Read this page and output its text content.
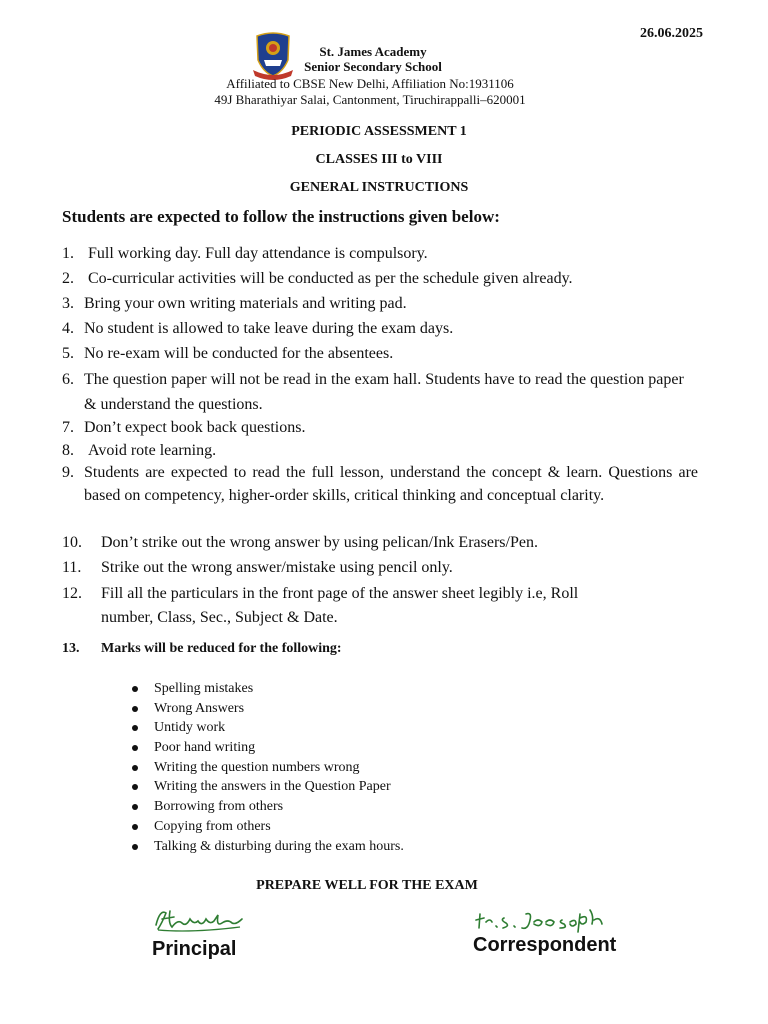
26.06.2025
St. James Academy
Senior Secondary School
Affiliated to CBSE New Delhi, Affiliation No:1931106
49J Bharathiyar Salai, Cantonment, Tiruchirappalli–620001
PERIODIC ASSESSMENT 1
CLASSES III to VIII
GENERAL INSTRUCTIONS
Students are expected to follow the instructions given below:
1. Full working day. Full day attendance is compulsory.
2. Co-curricular activities will be conducted as per the schedule given already.
3. Bring your own writing materials and writing pad.
4. No student is allowed to take leave during the exam days.
5. No re-exam will be conducted for the absentees.
6. The question paper will not be read in the exam hall. Students have to read the question paper & understand the questions.
7. Don’t expect book back questions.
8. Avoid rote learning.
9. Students are expected to read the full lesson, understand the concept & learn. Questions are based on competency, higher-order skills, critical thinking and conceptual clarity.
10.	Don’t strike out the wrong answer by using pelican/Ink Erasers/Pen.
11.	Strike out the wrong answer/mistake using pencil only.
12.	Fill all the particulars in the front page of the answer sheet legibly i.e, Roll number, Class, Sec., Subject & Date.
13. Marks will be reduced for the following:
Spelling mistakes
Wrong Answers
Untidy work
Poor hand writing
Writing the question numbers wrong
Writing the answers in the Question Paper
Borrowing from others
Copying from others
Talking & disturbing during the exam hours.
PREPARE WELL FOR THE EXAM
Principal	Correspondent
